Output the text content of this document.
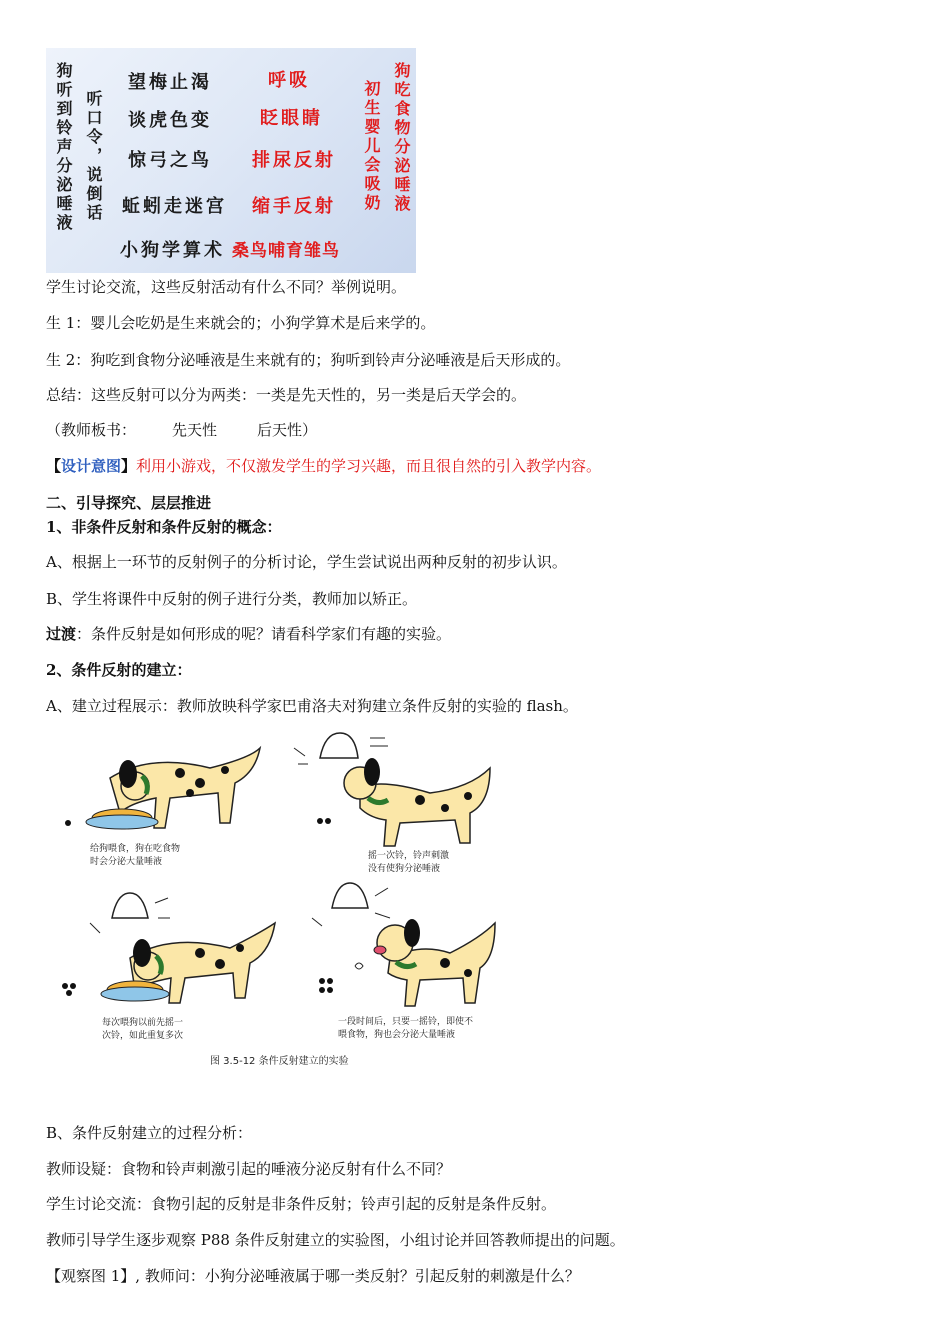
狗听到铃声分泌唾液 听口令，说倒话	初生婴儿会吸奶 狗吃食物分泌唾液
望梅止渴
谈虎色变
惊弓之鸟
蚯蚓走迷宫
小狗学算术
呼吸
眨眼睛
排尿反射
缩手反射
桑鸟哺育雏鸟
学生讨论交流，这些反射活动有什么不同？举例说明。
生 1：婴儿会吃奶是生来就会的；小狗学算术是后来学的。
生 2：狗吃到食物分泌唾液是生来就有的；狗听到铃声分泌唾液是后天形成的。
总结：这些反射可以分为两类：一类是先天性的，另一类是后天学会的。
（教师板书： 先天性	后天性）
【设计意图】利用小游戏，不仅激发学生的学习兴趣，而且很自然的引入教学内容。
二、引导探究、层层推进
1、非条件反射和条件反射的概念：
A、根据上一环节的反射例子的分析讨论，学生尝试说出两种反射的初步认识。
B、学生将课件中反射的例子进行分类，教师加以矫正。
过渡：条件反射是如何形成的呢？请看科学家们有趣的实验。
2、条件反射的建立：
A、建立过程展示：教师放映科学家巴甫洛夫对狗建立条件反射的实验的 flash。
给狗喂食，狗在吃食物
时会分泌大量唾液
摇一次铃，铃声刺激
没有使狗分泌唾液
每次喂狗以前先摇一
次铃，如此重复多次
一段时间后，只要一摇铃，即使不
喂食物，狗也会分泌大量唾液
图 3.5-12 条件反射建立的实验
B、条件反射建立的过程分析：
教师设疑：食物和铃声刺激引起的唾液分泌反射有什么不同？
学生讨论交流：食物引起的反射是非条件反射；铃声引起的反射是条件反射。
教师引导学生逐步观察 P88 条件反射建立的实验图，小组讨论并回答教师提出的问题。
【观察图 1】, 教师问：小狗分泌唾液属于哪一类反射？引起反射的刺激是什么？
